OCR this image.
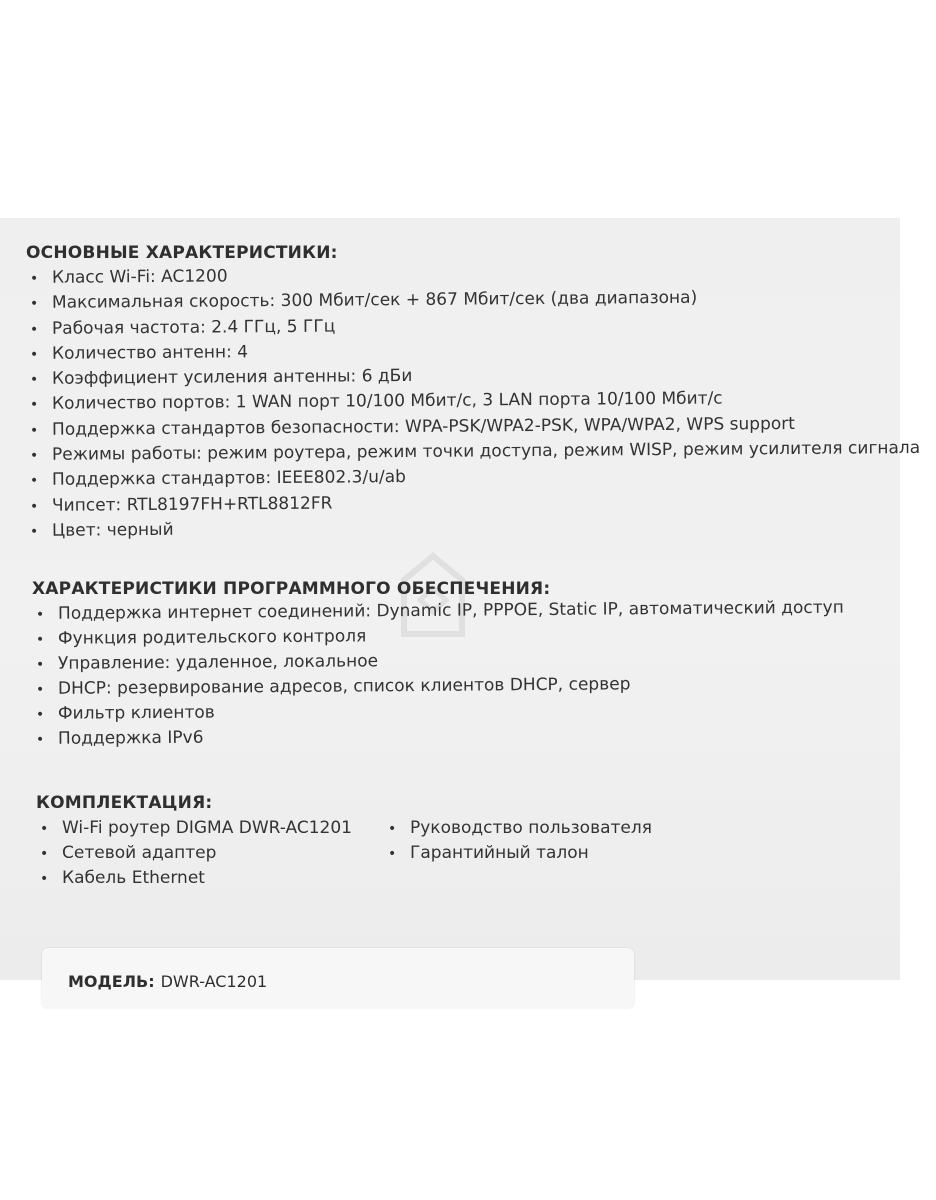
ОСНОВНЫЕ ХАРАКТЕРИСТИКИ:
• Класс Wi-Fi: AC1200
• Максимальная скорость: 300 Мбит/сек + 867 Мбит/сек (два диапазона)
• Рабочая частота: 2.4 ГГц, 5 ГГц
• Количество антенн: 4
• Коэффициент усиления антенны: 6 дБи
• Количество портов: 1 WAN порт 10/100 Мбит/с, 3 LAN порта 10/100 Мбит/с
• Поддержка стандартов безопасности: WPA-PSK/WPA2-PSK, WPA/WPA2, WPS support
• Режимы работы: режим роутера, режим точки доступа, режим WISP, режим усилителя сигнала
• Поддержка стандартов: IEEE802.3/u/ab
• Чипсет: RTL8197FH+RTL8812FR
• Цвет: черный
ХАРАКТЕРИСТИКИ ПРОГРАММНОГО ОБЕСПЕЧЕНИЯ:
• Поддержка интернет соединений: Dynamic IP, PPPOE, Static IP, автоматический доступ
• Функция родительского контроля
• Управление: удаленное, локальное
• DHCP: резервирование адресов, список клиентов DHCP, сервер
• Фильтр клиентов
• Поддержка IPv6
КОМПЛЕКТАЦИЯ:
• Wi-Fi роутер DIGMA DWR-AC1201
• Сетевой адаптер
• Кабель Ethernet
• Руководство пользователя
• Гарантийный талон
МОДЕЛЬ: DWR-AC1201
